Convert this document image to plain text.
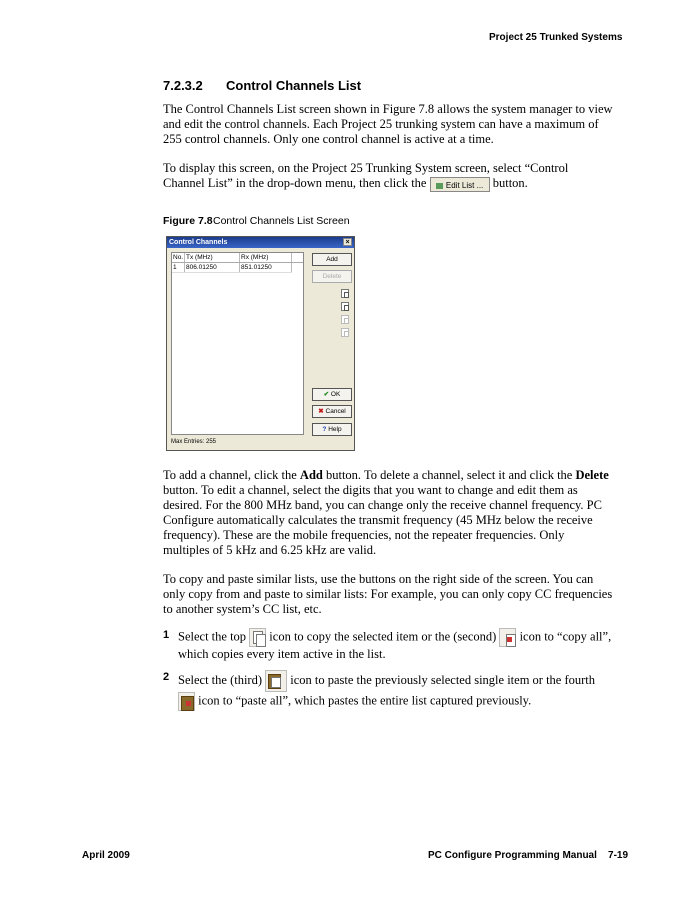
Project 25 Trunked Systems
7.2.3.2 Control Channels List
The Control Channels List screen shown in Figure 7.8 allows the system manager to view and edit the control channels. Each Project 25 trunking system can have a maximum of 255 control channels. Only one control channel is active at a time.
To display this screen, on the Project 25 Trunking System screen, select “Control Channel List” in the drop-down menu, then click the Edit List ... button.
Figure 7.8Control Channels List Screen
Control Channels	×
No. Tx (MHz)	Rx (MHz)
1	806.01250	851.01250
Add
Delete
✔ OK
✖ Cancel
? Help
Max Entries: 255
To add a channel, click the Add button. To delete a channel, select it and click the Delete button. To edit a channel, select the digits that you want to change and edit them as desired. For the 800 MHz band, you can change only the receive channel frequency. PC Configure automatically calculates the transmit frequency (45 MHz below the receive frequency). These are the mobile frequencies, not the repeater frequencies. Only multiples of 5 kHz and 6.25 kHz are valid.
To copy and paste similar lists, use the buttons on the right side of the screen. You can only copy from and paste to similar lists: For example, you can only copy CC frequencies to another system’s CC list, etc.
1 Select the top icon to copy the selected item or the (second) icon to “copy all”, which copies every item active in the list.
2 Select the (third) icon to paste the previously selected single item or the fourth
icon to “paste all”, which pastes the entire list captured previously.
April 2009	PC Configure Programming Manual 7-19
